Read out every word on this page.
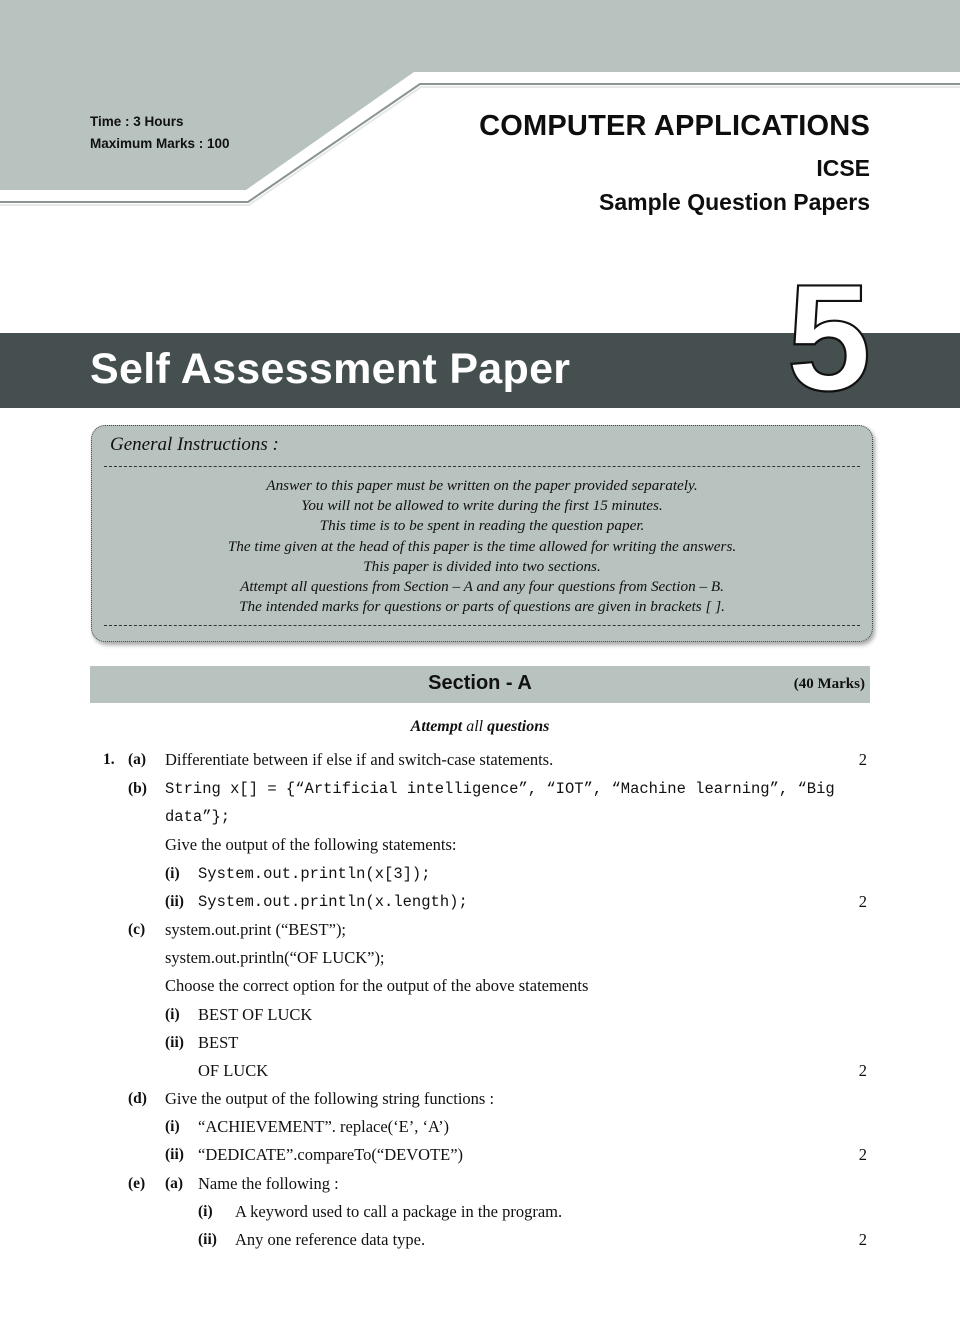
Time : 3 Hours
Maximum Marks : 100
COMPUTER APPLICATIONS
ICSE
Sample Question Papers
Self Assessment Paper 5
General Instructions :
Answer to this paper must be written on the paper provided separately.
You will not be allowed to write during the first 15 minutes.
This time is to be spent in reading the question paper.
The time given at the head of this paper is the time allowed for writing the answers.
This paper is divided into two sections.
Attempt all questions from Section – A and any four questions from Section – B.
The intended marks for questions or parts of questions are given in brackets [ ].
Section - A	(40 Marks)
Attempt all questions
1. (a) Differentiate between if else if and switch-case statements.	2
(b) String x[] = {“Artificial intelligence”, “IOT”, “Machine learning”, “Big
data”};
Give the output of the following statements:
(i) System.out.println(x[3]);
(ii) System.out.println(x.length);	2
(c) system.out.print (“BEST”);
system.out.println(“OF LUCK”);
Choose the correct option for the output of the above statements
(i) BEST OF LUCK
(ii) BEST
OF LUCK	2
(d) Give the output of the following string functions :
(i) “ACHIEVEMENT”. replace(‘E’, ‘A’)
(ii) “DEDICATE”.compareTo(“DEVOTE”)	2
(e) (a) Name the following :
(i) A keyword used to call a package in the program.
(ii) Any one reference data type.	2
